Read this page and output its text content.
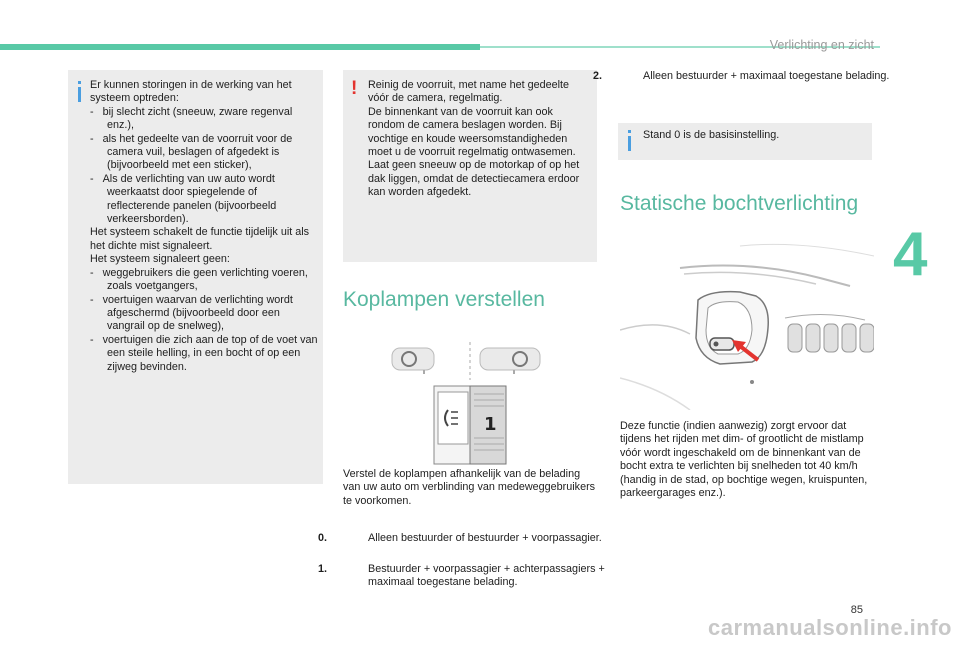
Verlichting en zicht
4
Er kunnen storingen in de werking van het systeem optreden:
-   bij slecht zicht (sneeuw, zware regenval enz.),
-   als het gedeelte van de voorruit voor de camera vuil, beslagen of afgedekt is (bijvoorbeeld met een sticker),
-   Als de verlichting van uw auto wordt weerkaatst door spiegelende of reflecterende panelen (bijvoorbeeld verkeersborden).
Het systeem schakelt de functie tijdelijk uit als het dichte mist signaleert.
Het systeem signaleert geen:
-   weggebruikers die geen verlichting voeren, zoals voetgangers,
-   voertuigen waarvan de verlichting wordt afgeschermd (bijvoorbeeld door een vangrail op de snelweg),
-   voertuigen die zich aan de top of de voet van een steile helling, in een bocht of op een zijweg bevinden.
! Reinig de voorruit, met name het gedeelte vóór de camera, regelmatig.
De binnenkant van de voorruit kan ook rondom de camera beslagen worden. Bij vochtige en koude weersomstandigheden moet u de voorruit regelmatig ontwasemen.
Laat geen sneeuw op de motorkap of op het dak liggen, omdat de detectiecamera erdoor kan worden afgedekt.
Koplampen verstellen
1
Verstel de koplampen afhankelijk van de belading van uw auto om verblinding van medeweggebruikers te voorkomen.
0.	Alleen bestuurder of bestuurder + voorpassagier.
1.	Bestuurder + voorpassagier + achterpassagiers + maximaal toegestane belading.
2.	Alleen bestuurder + maximaal toegestane belading.
Stand 0 is de basisinstelling.
Statische bochtverlichting
Deze functie (indien aanwezig) zorgt ervoor dat tijdens het rijden met dim- of grootlicht de mistlamp vóór wordt ingeschakeld om de binnenkant van de bocht extra te verlichten bij snelheden tot 40 km/h (handig in de stad, op bochtige wegen, kruispunten, parkeergarages enz.).
85
carmanualsonline.info
